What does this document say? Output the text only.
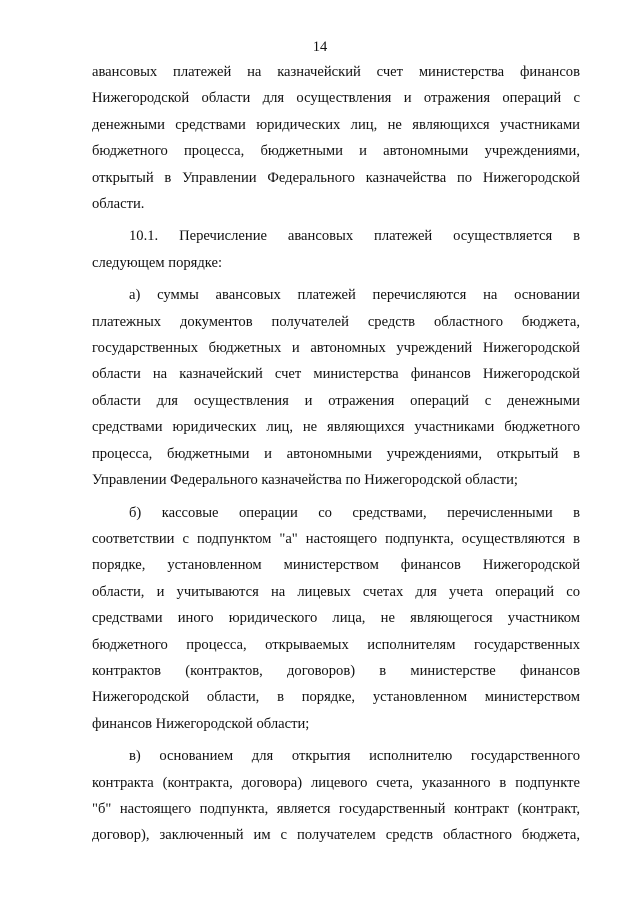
14

авансовых платежей на казначейский счет министерства финансов
Нижегородской области для осуществления и отражения операций с
денежными средствами юридических лиц, не являющихся участниками
бюджетного процесса, бюджетными и автономными учреждениями,
открытый в Управлении Федерального казначейства по Нижегородской
области.

10.1. Перечисление авансовых платежей осуществляется в
следующем порядке:

а) суммы авансовых платежей перечисляются на основании
платежных документов получателей средств областного бюджета,
государственных бюджетных и автономных учреждений Нижегородской
области на казначейский счет министерства финансов Нижегородской
области для осуществления и отражения операций с денежными
средствами юридических лиц, не являющихся участниками бюджетного
процесса, бюджетными и автономными учреждениями, открытый в
Управлении Федерального казначейства по Нижегородской области;

б) кассовые операции со средствами, перечисленными в
соответствии с подпунктом "а" настоящего подпункта, осуществляются в
порядке, установленном министерством финансов Нижегородской
области, и учитываются на лицевых счетах для учета операций со
средствами иного юридического лица, не являющегося участником
бюджетного процесса, открываемых исполнителям государственных
контрактов (контрактов, договоров) в министерстве финансов
Нижегородской области, в порядке, установленном министерством
финансов Нижегородской области;

в) основанием для открытия исполнителю государственного
контракта (контракта, договора) лицевого счета, указанного в подпункте
"б" настоящего подпункта, является государственный контракт (контракт,
договор), заключенный им с получателем средств областного бюджета,
